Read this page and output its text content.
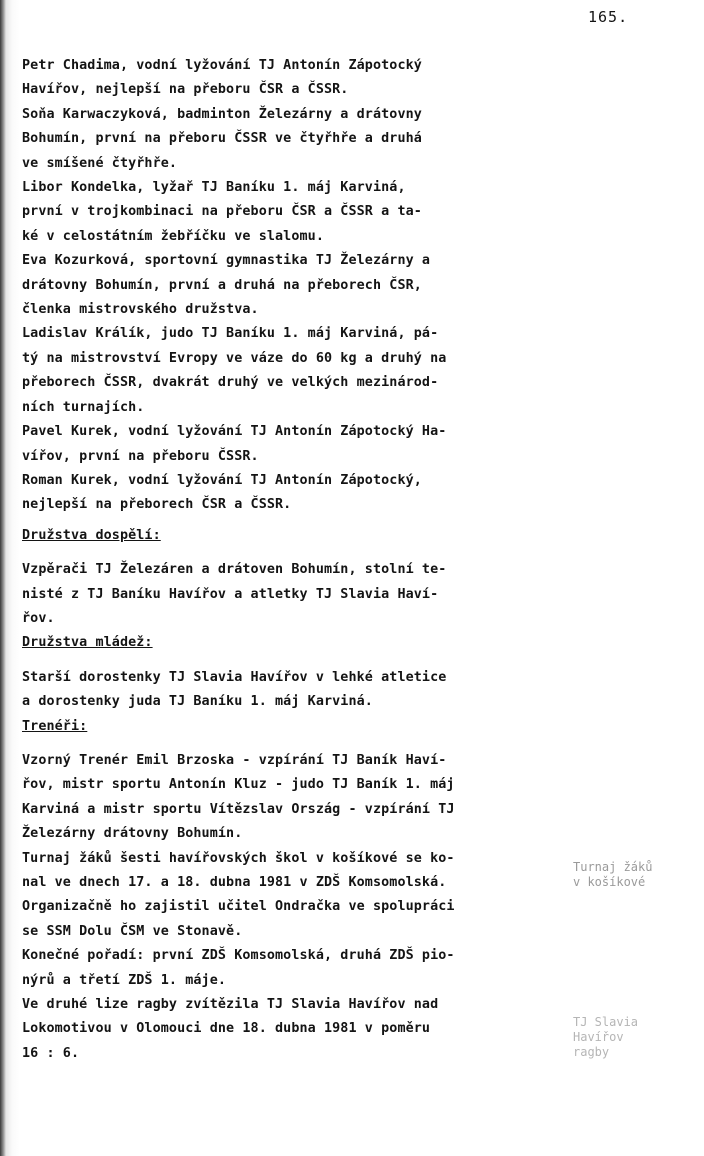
165.
Petr Chadima, vodní lyžování TJ Antonín Zápotocký
Havířov, nejlepší na přeboru ČSR a ČSSR.
Soňa Karwaczyková, badminton Železárny a drátovny
Bohumín, první na přeboru ČSSR ve čtyřhře a druhá
ve smíšené čtyřhře.
Libor Kondelka, lyžař TJ Baníku 1. máj Karviná,
první v trojkombinaci na přeboru ČSR a ČSSR a ta-
ké v celostátním žebříčku ve slalomu.
Eva Kozurková, sportovní gymnastika TJ Železárny a
drátovny Bohumín, první a druhá na přeborech ČSR,
členka mistrovského družstva.
Ladislav Králík, judo TJ Baníku 1. máj Karviná, pá-
tý na mistrovství Evropy ve váze do 60 kg a druhý na
přeborech ČSSR, dvakrát druhý ve velkých mezinárod-
ních turnajích.
Pavel Kurek, vodní lyžování TJ Antonín Zápotocký Ha-
vířov, první na přeboru ČSSR.
Roman Kurek, vodní lyžování TJ Antonín Zápotocký,
nejlepší na přeborech ČSR a ČSSR.

Družstva dospělí:

Vzpěrači TJ Železáren a drátoven Bohumín, stolní te-
nisté z TJ Baníku Havířov a atletky TJ Slavia Haví-
řov.

Družstva mládež:

Starší dorostenky TJ Slavia Havířov v lehké atletice
a dorostenky juda TJ Baníku 1. máj Karviná.

Trenéři:

Vzorný Trenér Emil Brzoska - vzpírání TJ Baník Haví-
řov, mistr sportu Antonín Kluz - judo TJ Baník 1. máj
Karviná a mistr sportu Vítězslav Ország - vzpírání TJ
Železárny drátovny Bohumín.
Turnaj žáků šesti havířovských škol v košíkové se ko-
nal ve dnech 17. a 18. dubna 1981 v ZDŠ Komsomolská.
Organizačně ho zajistil učitel Ondračka ve spolupráci
se SSM Dolu ČSM ve Stonavě.
Konečné pořadí: první ZDŠ Komsomolská, druhá ZDŠ pio-
nýrů a třetí ZDŠ 1. máje.
Ve druhé lize ragby zvítězila TJ Slavia Havířov nad
Lokomotivou v Olomouci dne 18. dubna 1981 v poměru
16 : 6.
Turnaj žáků
v košíkové
TJ Slavia
Havířov
ragby
